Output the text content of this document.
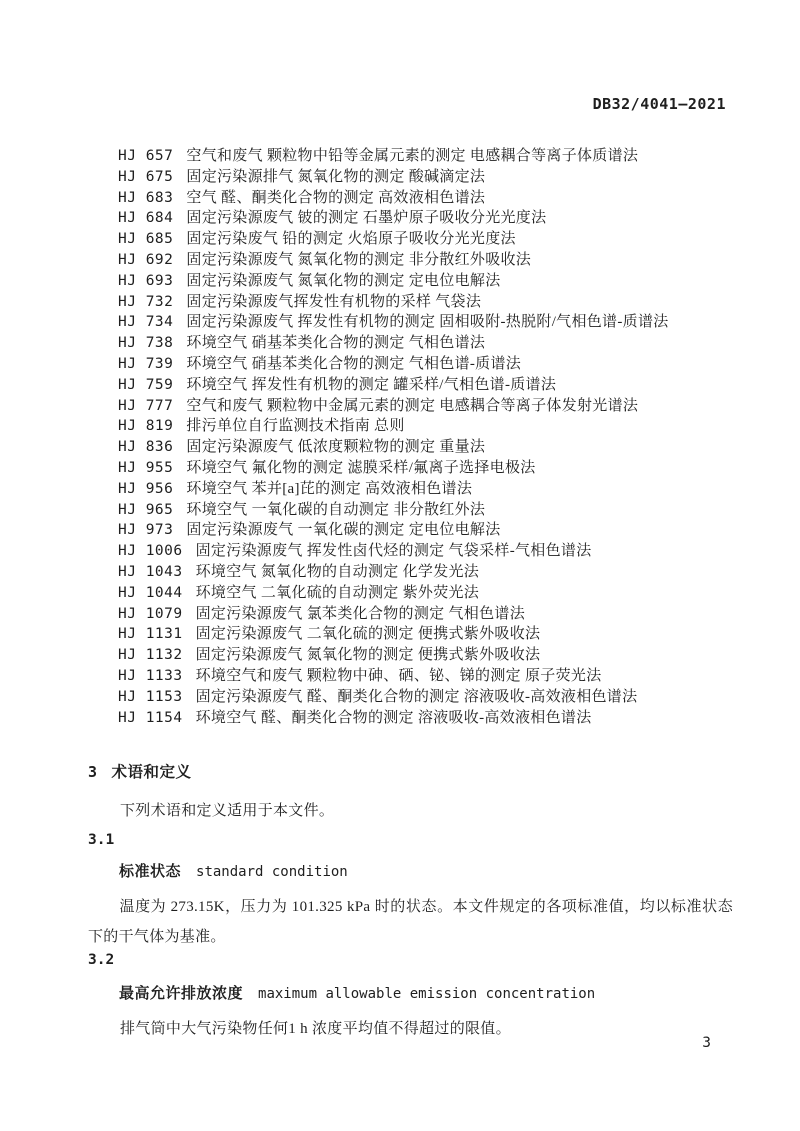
DB32/4041—2021
HJ 657 空气和废气 颗粒物中铅等金属元素的测定 电感耦合等离子体质谱法
HJ 675 固定污染源排气 氮氧化物的测定 酸碱滴定法
HJ 683 空气 醛、酮类化合物的测定 高效液相色谱法
HJ 684 固定污染源废气 铍的测定 石墨炉原子吸收分光光度法
HJ 685 固定污染废气 铅的测定 火焰原子吸收分光光度法
HJ 692 固定污染源废气 氮氧化物的测定 非分散红外吸收法
HJ 693 固定污染源废气 氮氧化物的测定 定电位电解法
HJ 732 固定污染源废气挥发性有机物的采样 气袋法
HJ 734 固定污染源废气 挥发性有机物的测定 固相吸附-热脱附/气相色谱-质谱法
HJ 738 环境空气 硝基苯类化合物的测定 气相色谱法
HJ 739 环境空气 硝基苯类化合物的测定 气相色谱-质谱法
HJ 759 环境空气 挥发性有机物的测定 罐采样/气相色谱-质谱法
HJ 777 空气和废气 颗粒物中金属元素的测定 电感耦合等离子体发射光谱法
HJ 819 排污单位自行监测技术指南 总则
HJ 836 固定污染源废气 低浓度颗粒物的测定 重量法
HJ 955 环境空气 氟化物的测定 滤膜采样/氟离子选择电极法
HJ 956 环境空气 苯并[a]芘的测定 高效液相色谱法
HJ 965 环境空气 一氧化碳的自动测定 非分散红外法
HJ 973 固定污染源废气 一氧化碳的测定 定电位电解法
HJ 1006 固定污染源废气 挥发性卤代烃的测定 气袋采样-气相色谱法
HJ 1043 环境空气 氮氧化物的自动测定 化学发光法
HJ 1044 环境空气 二氧化硫的自动测定 紫外荧光法
HJ 1079 固定污染源废气 氯苯类化合物的测定 气相色谱法
HJ 1131 固定污染源废气 二氧化硫的测定 便携式紫外吸收法
HJ 1132 固定污染源废气 氮氧化物的测定 便携式紫外吸收法
HJ 1133 环境空气和废气 颗粒物中砷、硒、铋、锑的测定 原子荧光法
HJ 1153 固定污染源废气 醛、酮类化合物的测定 溶液吸收-高效液相色谱法
HJ 1154 环境空气 醛、酮类化合物的测定 溶液吸收-高效液相色谱法
3 术语和定义
下列术语和定义适用于本文件。
3.1
标准状态 standard condition
温度为 273.15K，压力为 101.325 kPa 时的状态。本文件规定的各项标准值，均以标准状态下的干气体为基准。
3.2
最高允许排放浓度 maximum allowable emission concentration
排气筒中大气污染物任何1 h 浓度平均值不得超过的限值。
3
